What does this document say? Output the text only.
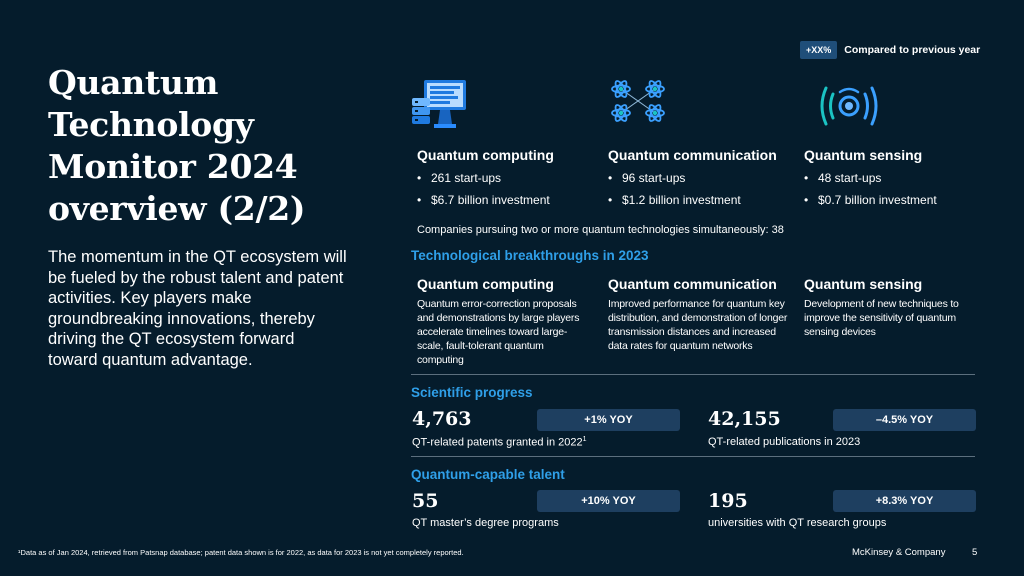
Quantum Technology Monitor 2024 overview (2/2)
The momentum in the QT ecosystem will be fueled by the robust talent and patent activities. Key players make groundbreaking innovations, thereby driving the QT ecosystem forward toward quantum advantage.
+XX%	Compared to previous year
Quantum computing
• 261 start-ups
• $6.7 billion investment
Quantum communication
• 96 start-ups
• $1.2 billion investment
Quantum sensing
• 48 start-ups
• $0.7 billion investment
Companies pursuing two or more quantum technologies simultaneously: 38
Technological breakthroughs in 2023
Quantum computing
Quantum error-correction proposals and demonstrations by large players accelerate timelines toward large-scale, fault-tolerant quantum computing
Quantum communication
Improved performance for quantum key distribution, and demonstration of longer transmission distances and increased data rates for quantum networks
Quantum sensing
Development of new techniques to improve the sensitivity of quantum sensing devices
Scientific progress
4,763	+1% YOY
QT-related patents granted in 2022$^1$
42,155	–4.5% YOY
QT-related publications in 2023
Quantum-capable talent
55	+10% YOY
QT master’s degree programs
195	+8.3% YOY
universities with QT research groups
¹Data as of Jan 2024, retrieved from Patsnap database; patent data shown is for 2022, as data for 2023 is not yet completely reported.	McKinsey & Company	5
